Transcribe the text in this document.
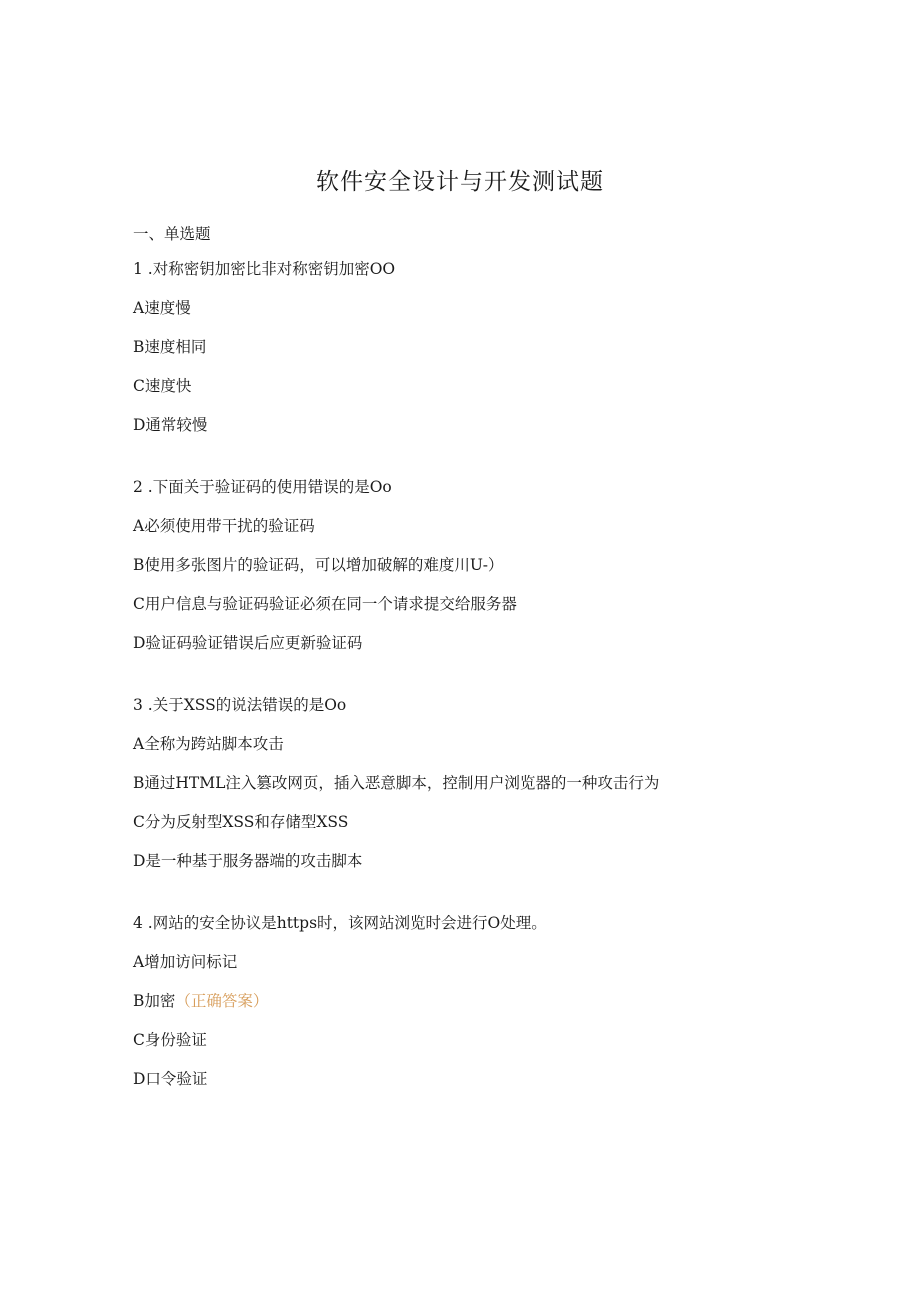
软件安全设计与开发测试题
一、单选题
1 .对称密钥加密比非对称密钥加密OO
A速度慢
B速度相同
C速度快
D通常较慢
2 .下面关于验证码的使用错误的是Oo
A必须使用带干扰的验证码
B使用多张图片的验证码，可以增加破解的难度川U-）
C用户信息与验证码验证必须在同一个请求提交给服务器
D验证码验证错误后应更新验证码
3 .关于XSS的说法错误的是Oo
A全称为跨站脚本攻击
B通过HTML注入篡改网页，插入恶意脚本，控制用户浏览器的一种攻击行为
C分为反射型XSS和存储型XSS
D是一种基于服务器端的攻击脚本
4 .网站的安全协议是https时，该网站浏览时会进行O处理。
A增加访问标记
B加密（正确答案）
C身份验证
D口令验证
